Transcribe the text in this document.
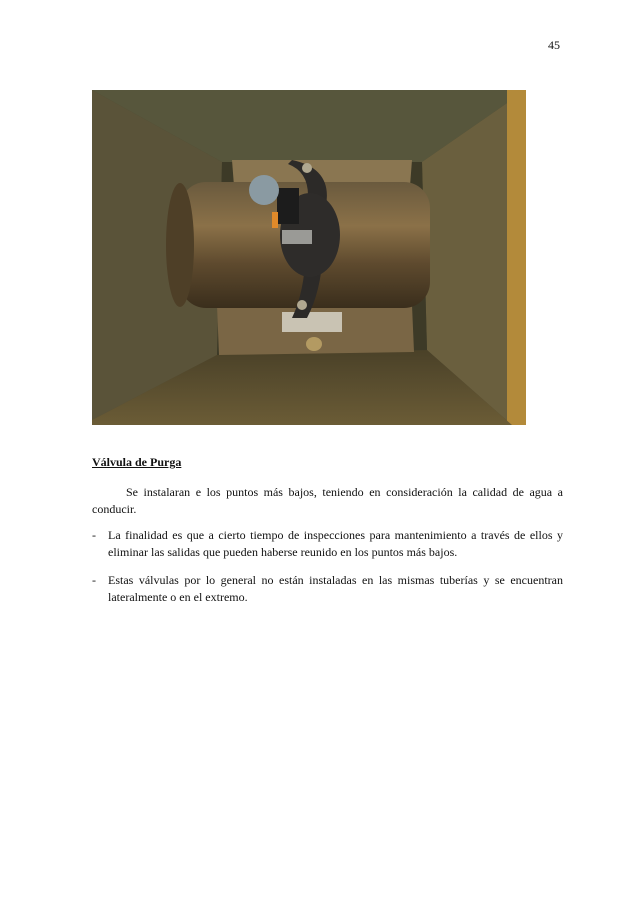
45
Válvula de Purga

Se instalaran e los puntos más bajos, teniendo en consideración la calidad de agua a conducir.

- La finalidad es que a cierto tiempo de inspecciones para mantenimiento a través de ellos y eliminar las salidas que pueden haberse reunido en los puntos más bajos.
- Estas válvulas por lo general no están instaladas en las mismas tuberías y se encuentran lateralmente o en el extremo.
